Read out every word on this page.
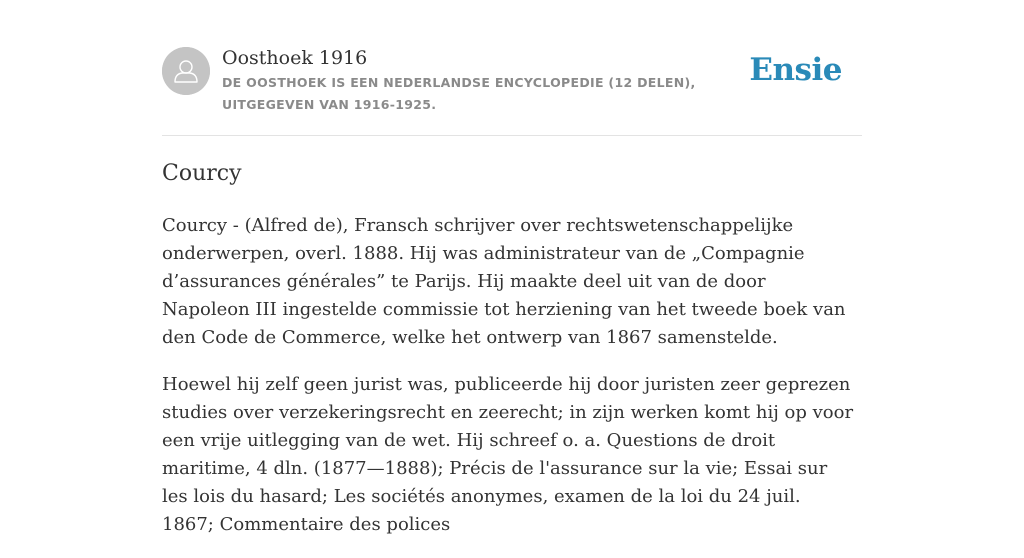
Oosthoek 1916
DE OOSTHOEK IS EEN NEDERLANDSE ENCYCLOPEDIE (12 DELEN), UITGEGEVEN VAN 1916-1925.
Ensie
Courcy

Courcy - (Alfred de), Fransch schrijver over rechtswetenschappelijke onderwerpen, overl. 1888. Hij was administrateur van de „Compagnie d’assurances générales” te Parijs. Hij maakte deel uit van de door Napoleon III ingestelde commissie tot herziening van het tweede boek van den Code de Commerce, welke het ontwerp van 1867 samenstelde.

Hoewel hij zelf geen jurist was, publiceerde hij door juristen zeer geprezen studies over verzekeringsrecht en zeerecht; in zijn werken komt hij op voor een vrije uitlegging van de wet. Hij schreef o. a. Questions de droit maritime, 4 dln. (1877—1888); Précis de l'assurance sur la vie; Essai sur les lois du hasard; Les sociétés anonymes, examen de la loi du 24 juil. 1867; Commentaire des polices
